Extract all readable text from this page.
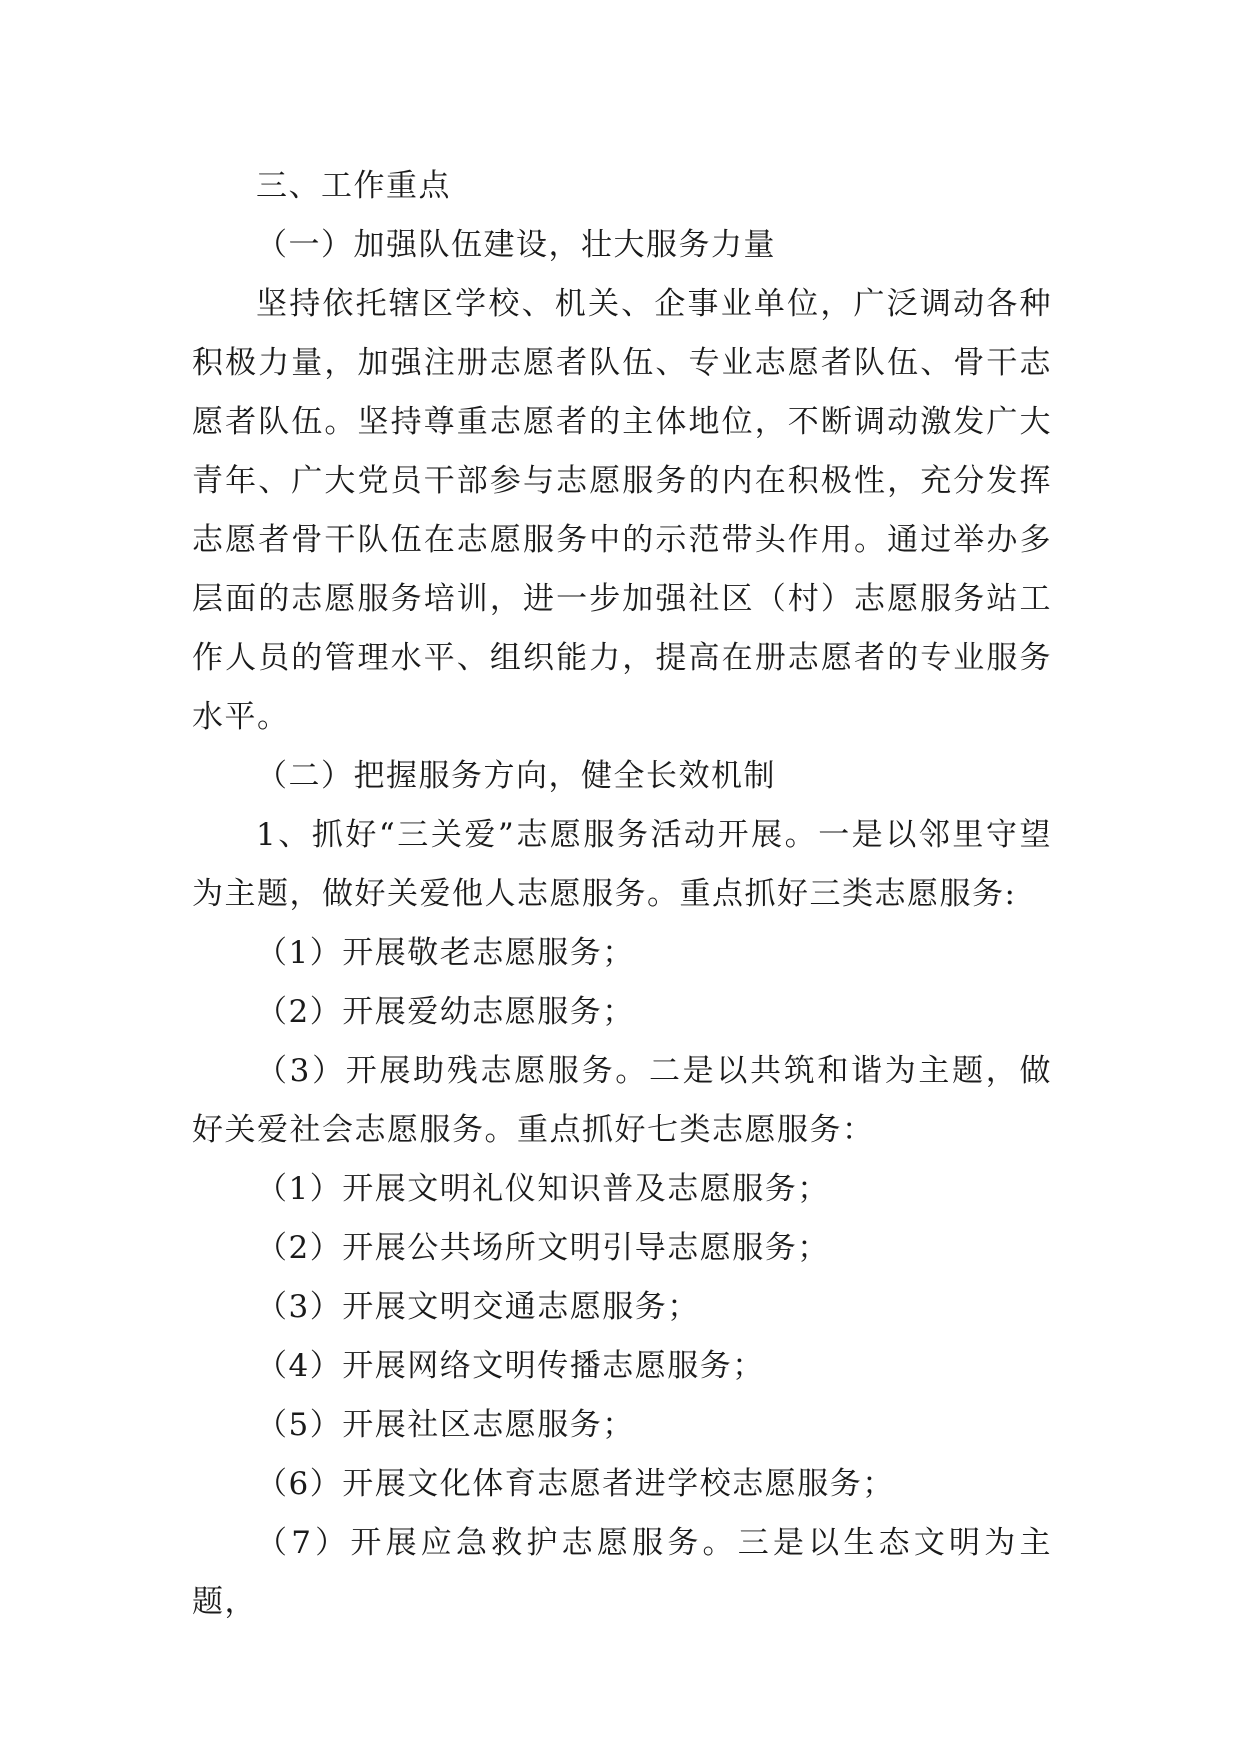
三、工作重点

（一）加强队伍建设，壮大服务力量

坚持依托辖区学校、机关、企事业单位，广泛调动各种积极力量，加强注册志愿者队伍、专业志愿者队伍、骨干志愿者队伍。坚持尊重志愿者的主体地位，不断调动激发广大青年、广大党员干部参与志愿服务的内在积极性，充分发挥志愿者骨干队伍在志愿服务中的示范带头作用。通过举办多层面的志愿服务培训，进一步加强社区（村）志愿服务站工作人员的管理水平、组织能力，提高在册志愿者的专业服务水平。

（二）把握服务方向，健全长效机制

1、抓好“三关爱”志愿服务活动开展。一是以邻里守望为主题，做好关爱他人志愿服务。重点抓好三类志愿服务:

（1）开展敬老志愿服务；

（2）开展爱幼志愿服务；

（3）开展助残志愿服务。二是以共筑和谐为主题，做好关爱社会志愿服务。重点抓好七类志愿服务：

（1）开展文明礼仪知识普及志愿服务；

（2）开展公共场所文明引导志愿服务；

（3）开展文明交通志愿服务；

（4）开展网络文明传播志愿服务；

（5）开展社区志愿服务；

（6）开展文化体育志愿者进学校志愿服务；

（7）开展应急救护志愿服务。三是以生态文明为主题，
